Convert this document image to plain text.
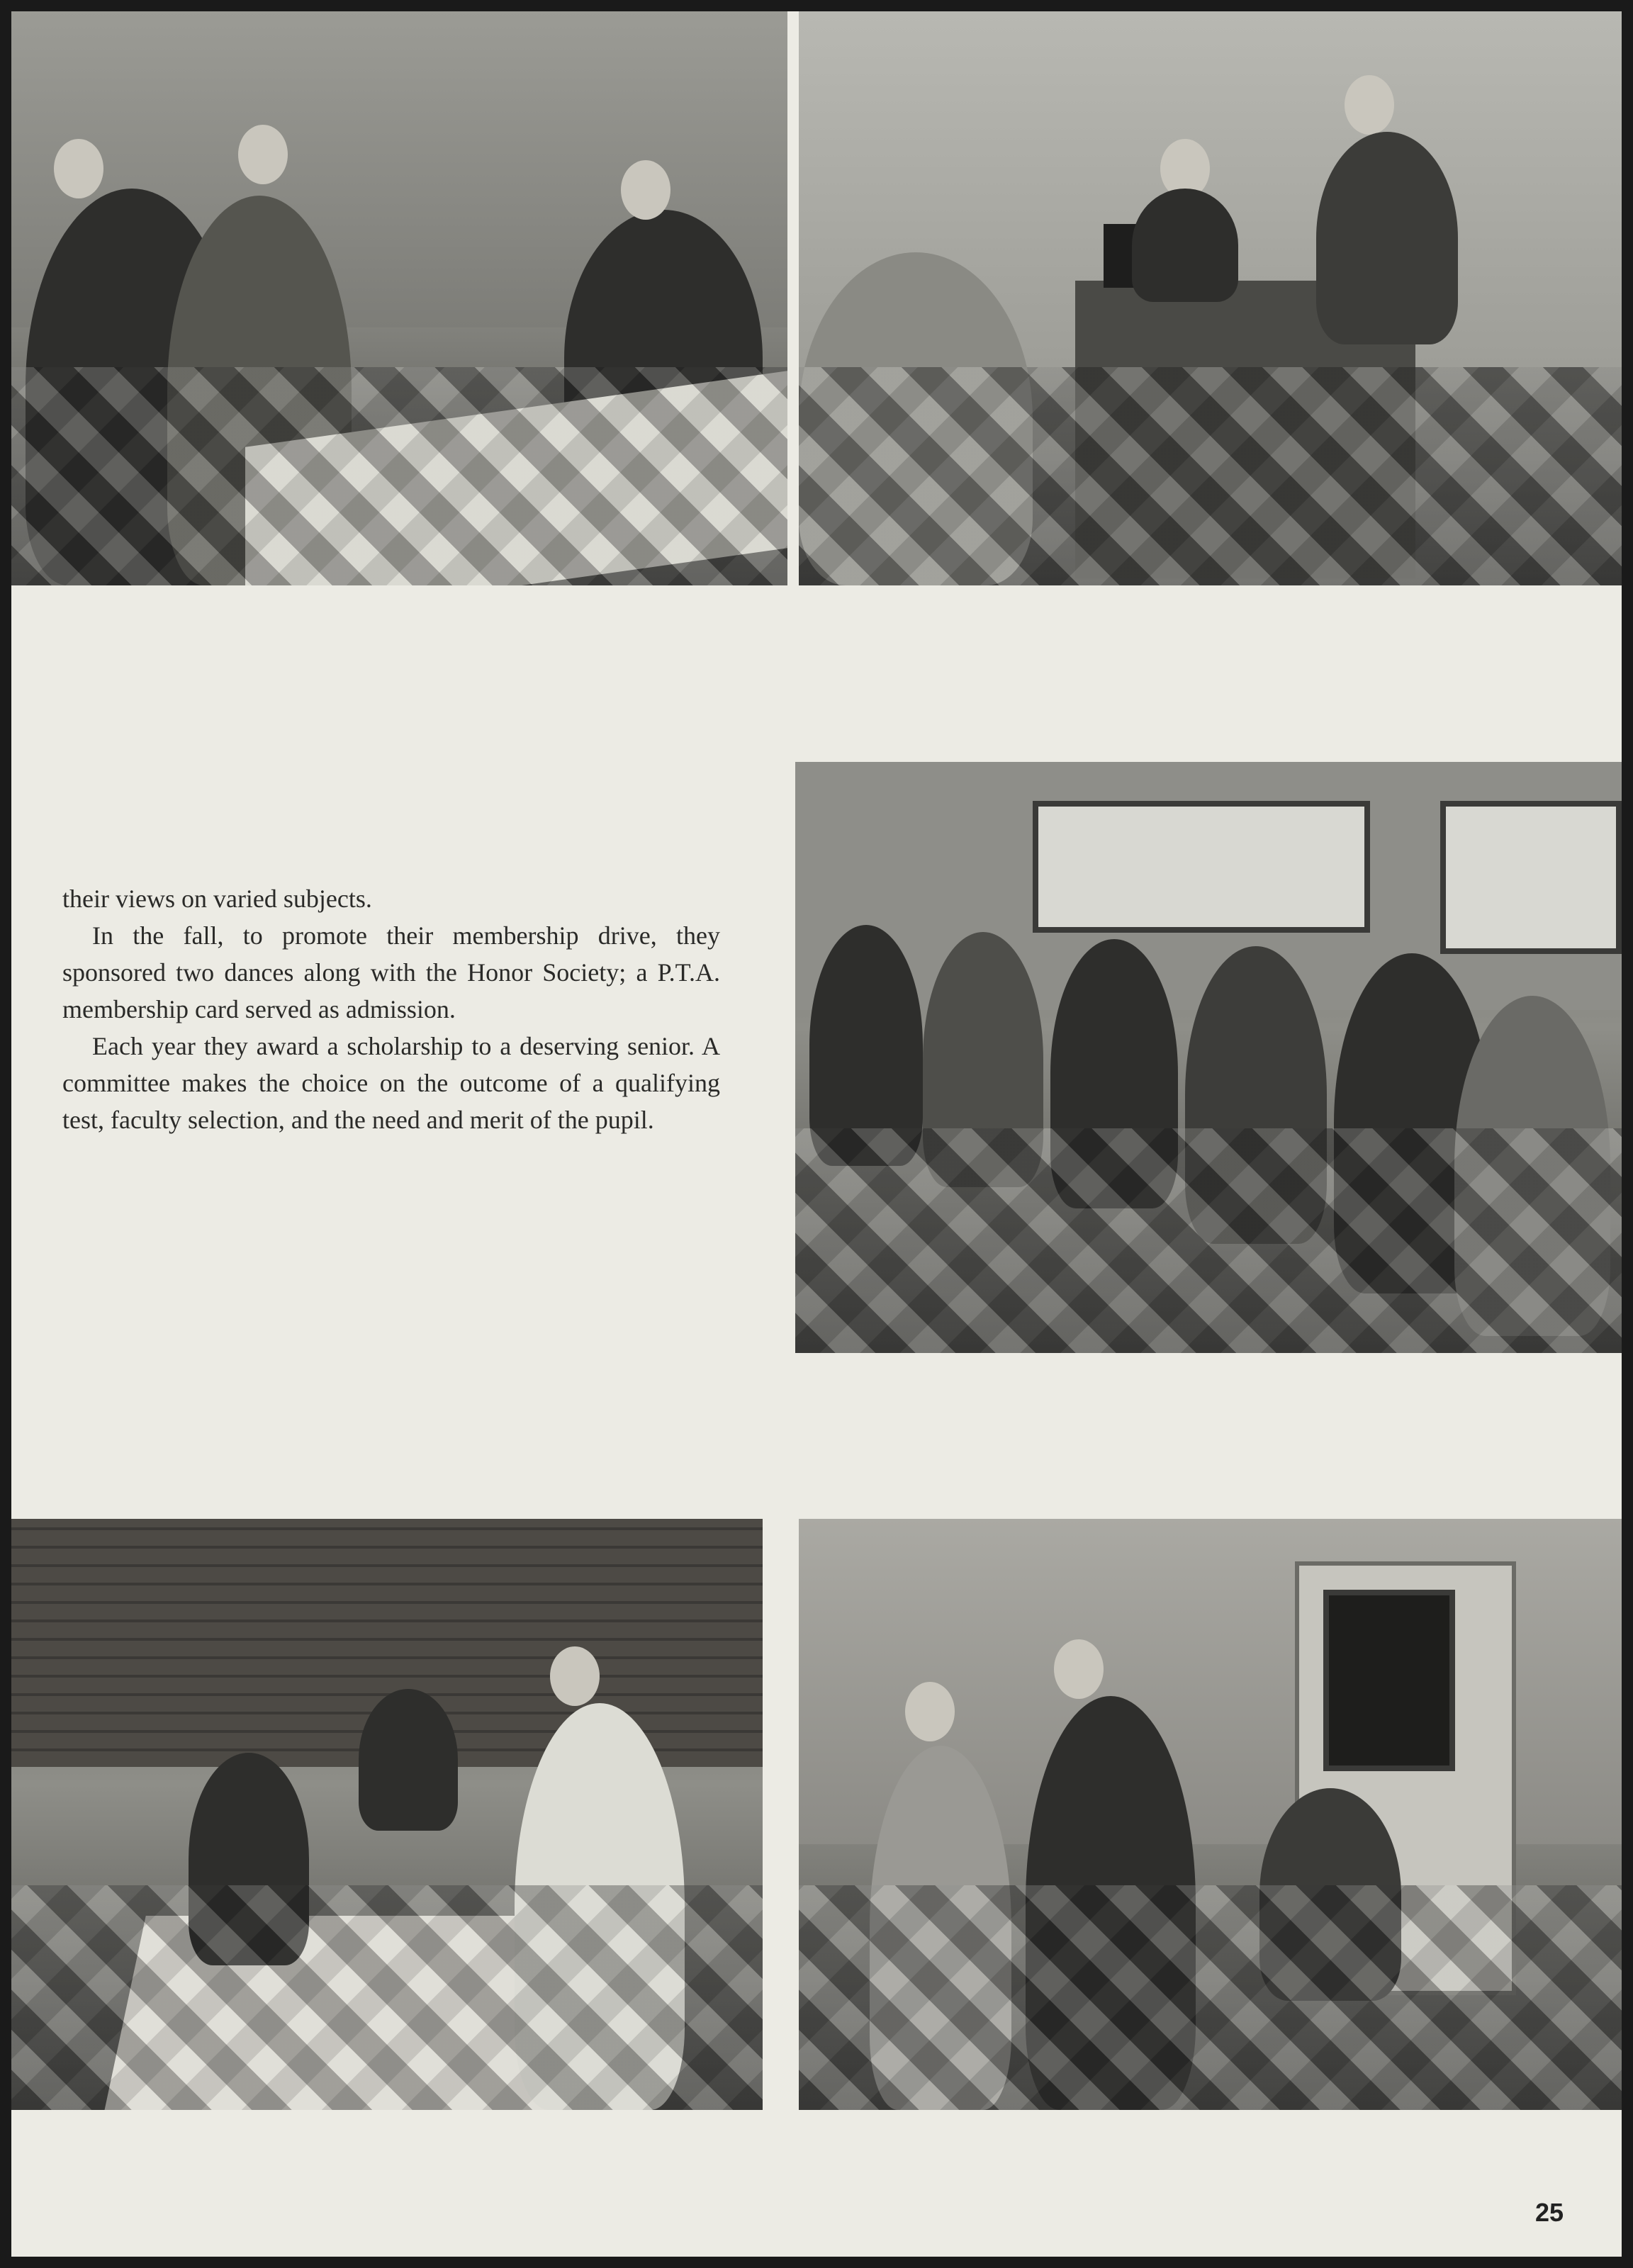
their views on varied subjects.

In the fall, to promote their membership drive, they sponsored two dances along with the Honor Society; a P.T.A. membership card served as admission.

Each year they award a scholarship to a deserving senior. A committee makes the choice on the outcome of a qualifying test, faculty selection, and the need and merit of the pupil.

25
